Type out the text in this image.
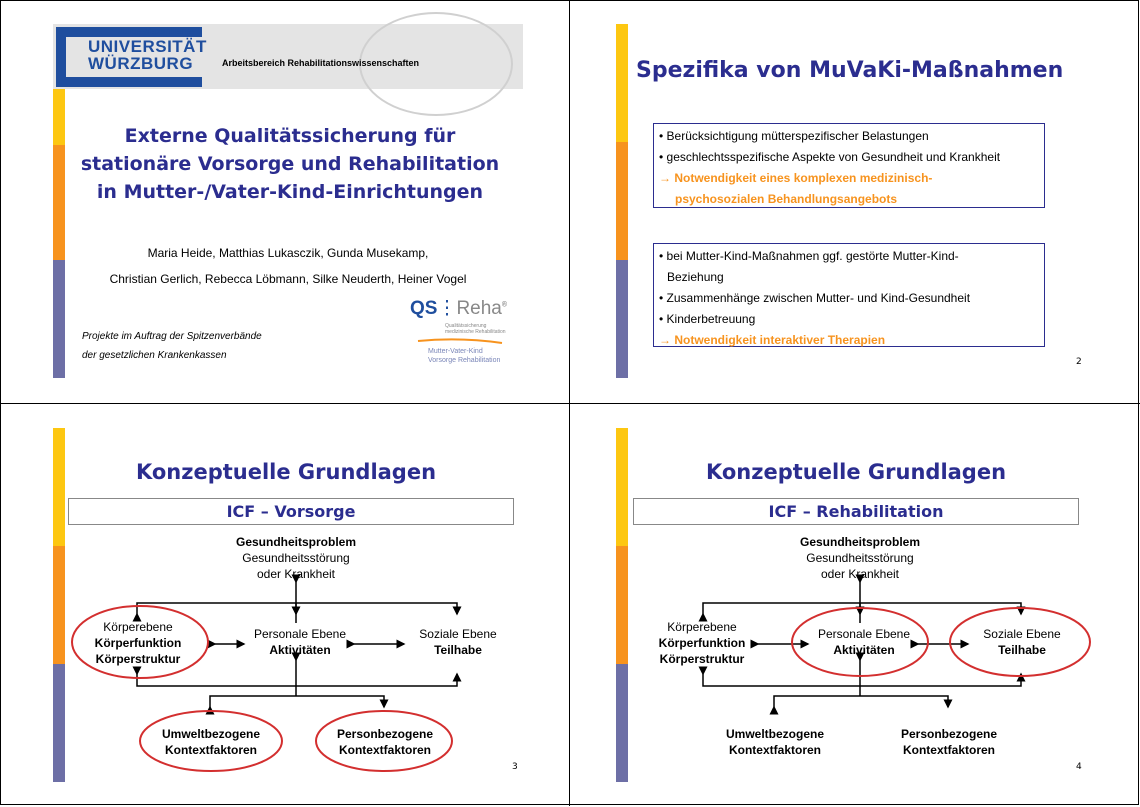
Julius-Maximilians-
UNIVERSITÄT
WÜRZBURG	Arbeitsbereich Rehabilitationswissenschaften
Externe Qualitätssicherung für
stationäre Vorsorge und Rehabilitation
in Mutter-/Vater-Kind-Einrichtungen
Maria Heide, Matthias Lukasczik, Gunda Musekamp,
Christian Gerlich, Rebecca Löbmann, Silke Neuderth, Heiner Vogel
Projekte im Auftrag der Spitzenverbände
der gesetzlichen Krankenkassen
QS⋮Reha®
Qualitätssicherung
medizinische Rehabilitation
Mutter-Vater-Kind
Vorsorge Rehabilitation
Spezifika von MuVaKi-Maßnahmen
• Berücksichtigung mütterspezifischer Belastungen
• geschlechtsspezifische Aspekte von Gesundheit und Krankheit
→ Notwendigkeit eines komplexen medizinisch-
psychosozialen Behandlungsangebots
• bei Mutter-Kind-Maßnahmen ggf. gestörte Mutter-Kind-
Beziehung
• Zusammenhänge zwischen Mutter- und Kind-Gesundheit
• Kinderbetreuung
→ Notwendigkeit interaktiver Therapien
2
Konzeptuelle Grundlagen
ICF – Vorsorge
Gesundheitsproblem
Gesundheitsstörung
oder Krankheit
Körperebene
Körperfunktion
Körperstruktur
Personale Ebene
Aktivitäten
Soziale Ebene
Teilhabe
Umweltbezogene
Kontextfaktoren
Personbezogene
Kontextfaktoren
3
Konzeptuelle Grundlagen
ICF – Rehabilitation
Gesundheitsproblem
Gesundheitsstörung
oder Krankheit
Körperebene
Körperfunktion
Körperstruktur
Personale Ebene
Aktivitäten
Soziale Ebene
Teilhabe
Umweltbezogene
Kontextfaktoren
Personbezogene
Kontextfaktoren
4
